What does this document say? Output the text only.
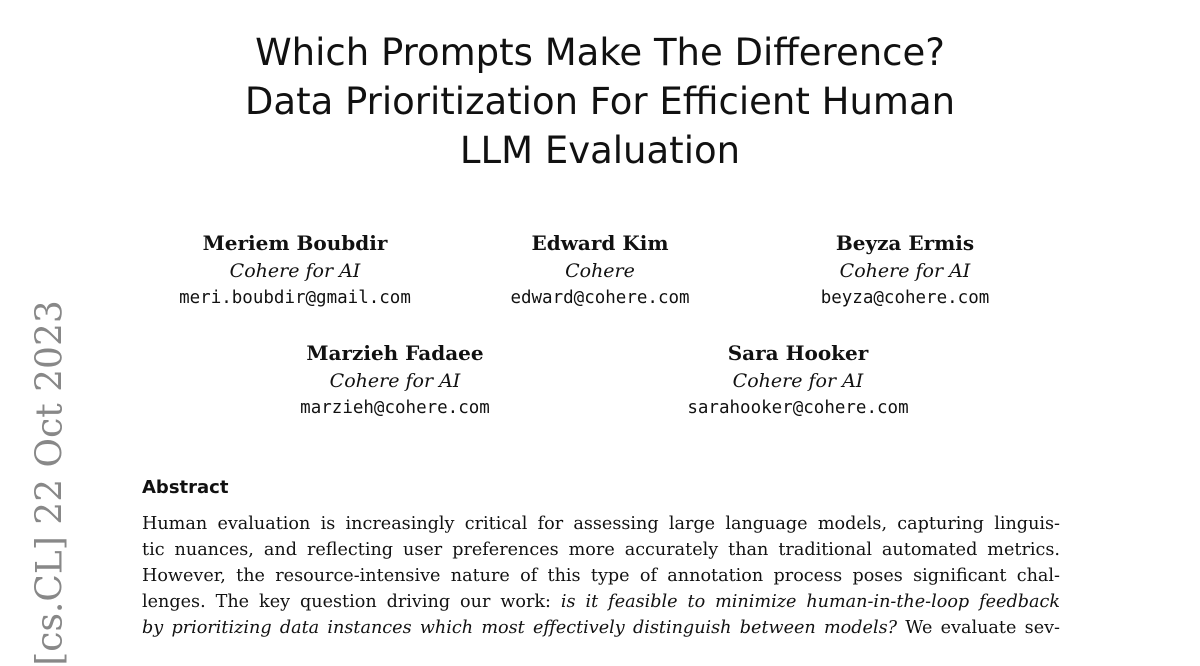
Which Prompts Make The Difference?
Data Prioritization For Efficient Human
LLM Evaluation
Meriem Boubdir
Cohere for AI
meri.boubdir@gmail.com
Edward Kim
Cohere
edward@cohere.com
Beyza Ermis
Cohere for AI
beyza@cohere.com
Marzieh Fadaee
Cohere for AI
marzieh@cohere.com
Sara Hooker
Cohere for AI
sarahooker@cohere.com
[cs.CL] 22 Oct 2023	Abstract
Human evaluation is increasingly critical for assessing large language models, capturing linguis-
tic nuances, and reflecting user preferences more accurately than traditional automated metrics.
However, the resource-intensive nature of this type of annotation process poses significant chal-
lenges. The key question driving our work: is it feasible to minimize human-in-the-loop feedback
by prioritizing data instances which most effectively distinguish between models? We evaluate sev-
